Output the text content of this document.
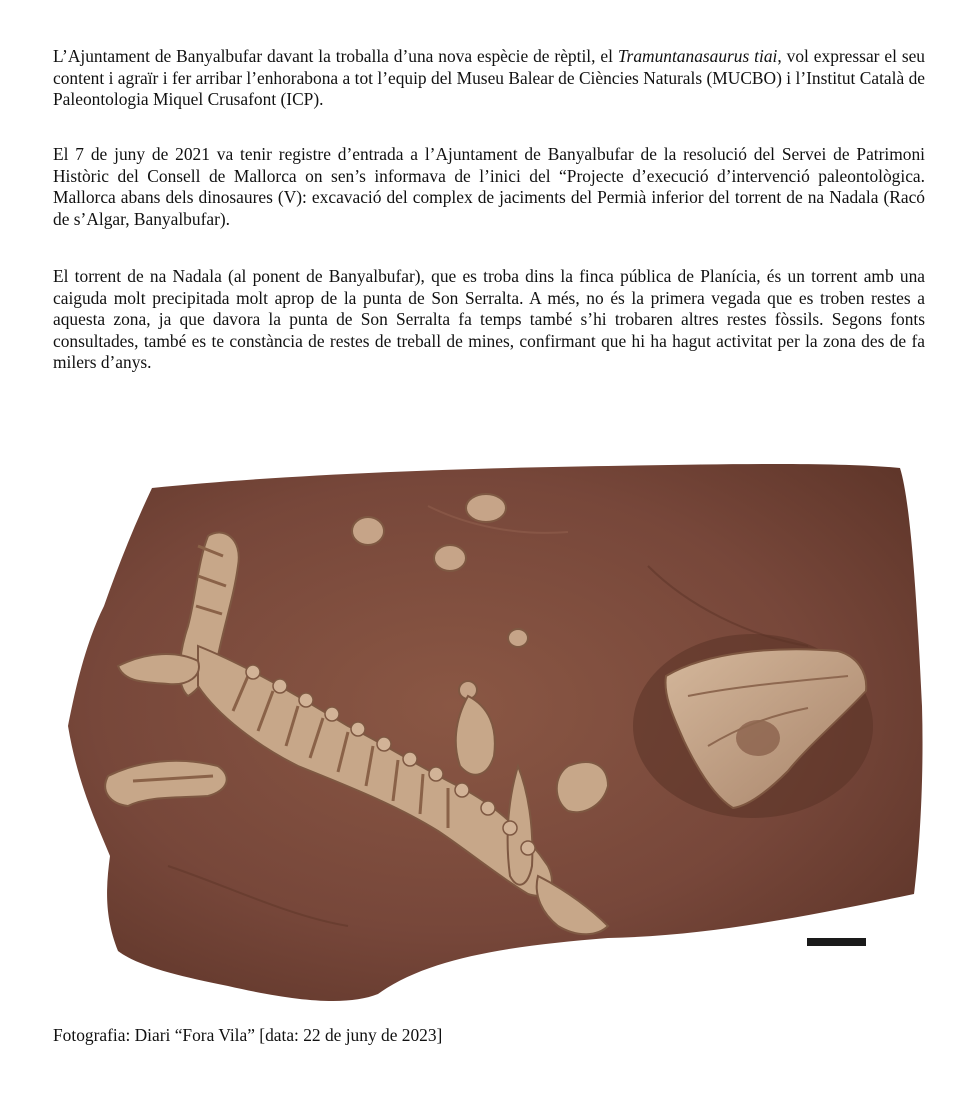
L’Ajuntament de Banyalbufar davant la troballa d’una nova espècie de rèptil, el Tramuntanasaurus tiai, vol expressar el seu content i agraïr i fer arribar l’enhorabona a tot l’equip del Museu Balear de Ciències Naturals (MUCBO) i l’Institut Català de Paleontologia Miquel Crusafont (ICP).

El 7 de juny de 2021 va tenir registre d’entrada a l’Ajuntament de Banyalbufar de la resolució del Servei de Patrimoni Històric del Consell de Mallorca on sen’s informava de l’inici del “Projecte d’execució d’intervenció paleontològica. Mallorca abans dels dinosaures (V): excavació del complex de jaciments del Permià inferior del torrent de na Nadala (Racó de s’Algar, Banyalbufar).

El torrent de na Nadala (al ponent de Banyalbufar), que es troba dins la finca pública de Planícia, és un torrent amb una caiguda molt precipitada molt aprop de la punta de Son Serralta. A més, no és la primera vegada que es troben restes a aquesta zona, ja que davora la punta de Son Serralta fa temps també s’hi trobaren altres restes fòssils. Segons fonts consultades, també es te constància de restes de treball de mines, confirmant que hi ha hagut activitat per la zona des de fa milers d’anys.

Fotografia: Diari “Fora Vila” [data: 22 de juny de 2023]
